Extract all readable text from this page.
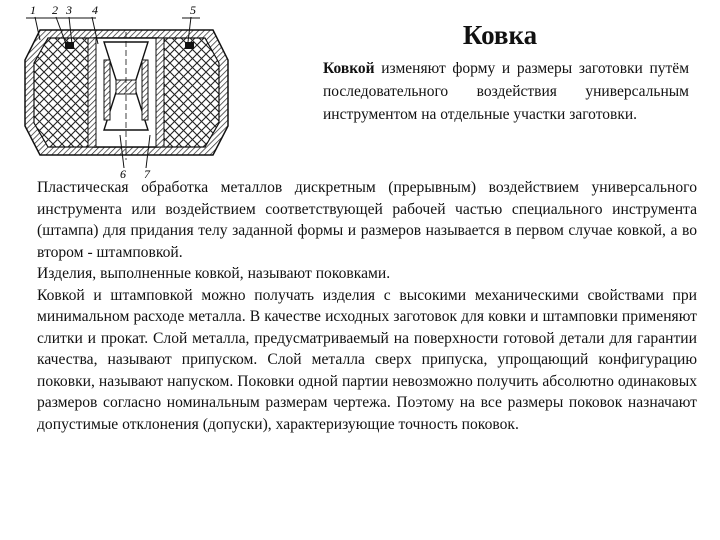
1 2 3 4	5
6 7
Ковка

Ковкой изменяют форму и размеры заготовки путём последовательного воздействия универсальным инструментом на отдельные участки заготовки.

Пластическая обработка металлов дискретным (прерывным) воздействием универсального инструмента или воздействием соответствующей рабочей частью специального инструмента (штампа) для придания телу заданной формы и размеров называется в первом случае ковкой, а во втором - штамповкой.

Изделия, выполненные ковкой, называют поковками.

Ковкой и штамповкой можно получать изделия с высокими механическими свойствами при минимальном расходе металла. В качестве исходных заготовок для ковки и штамповки применяют слитки и прокат. Слой металла, предусматриваемый на поверхности готовой детали для гарантии качества, называют припуском. Слой металла сверх припуска, упрощающий конфигурацию поковки, называют напуском. Поковки одной партии невозможно получить абсолютно одинаковых размеров согласно номинальным размерам чертежа. Поэтому на все размеры поковок назначают допустимые отклонения (допуски), характеризующие точность поковок.
